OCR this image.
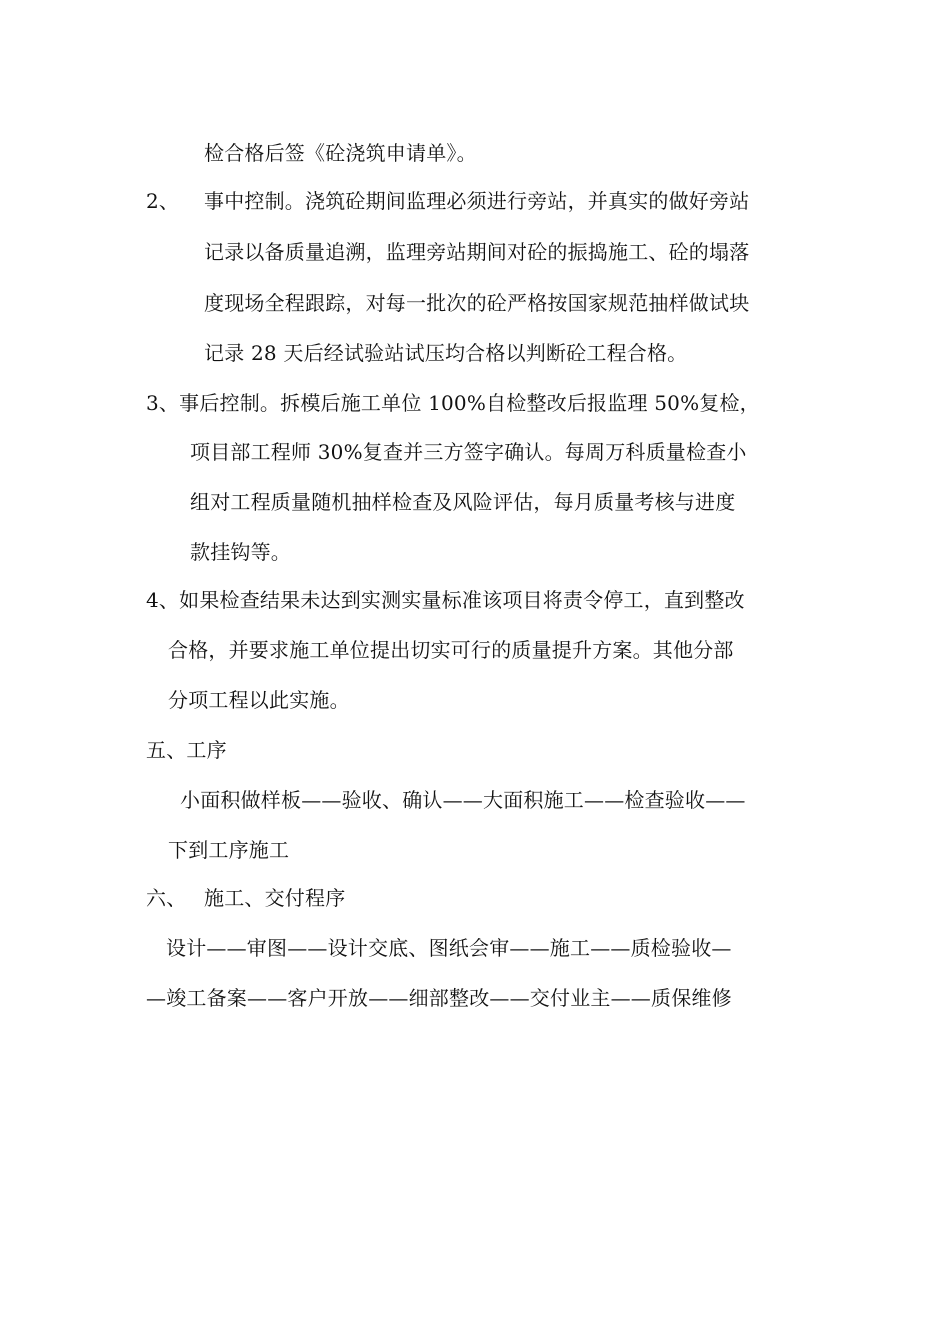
检合格后签《砼浇筑申请单》。
2、 事中控制。浇筑砼期间监理必须进行旁站，并真实的做好旁站
记录以备质量追溯，监理旁站期间对砼的振捣施工、砼的塌落
度现场全程跟踪，对每一批次的砼严格按国家规范抽样做试块
记录 28 天后经试验站试压均合格以判断砼工程合格。
3、事后控制。拆模后施工单位 100%自检整改后报监理 50%复检，
项目部工程师 30%复查并三方签字确认。每周万科质量检查小
组对工程质量随机抽样检查及风险评估，每月质量考核与进度
款挂钩等。
4、如果检查结果未达到实测实量标准该项目将责令停工，直到整改
合格，并要求施工单位提出切实可行的质量提升方案。其他分部
分项工程以此实施。
五、工序
小面积做样板——验收、确认——大面积施工——检查验收——
下到工序施工
六、 施工、交付程序
设计——审图——设计交底、图纸会审——施工——质检验收—
—竣工备案——客户开放——细部整改——交付业主——质保维修
